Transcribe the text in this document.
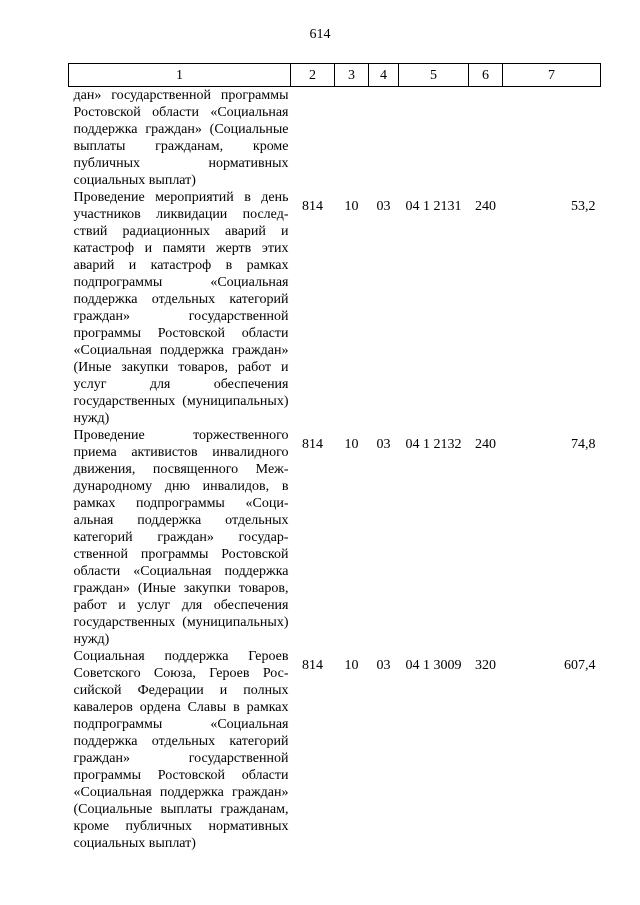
614
1	2	3	4	5	6	7
дан» государственной программы Ростовской области «Социальная поддержка граждан» (Социальные выплаты гражданам, кроме публичных нормативных социальных выплат)						
Проведение мероприятий в день участников ликвидации последствий радиационных аварий и катастроф и памяти жертв этих аварий и катастроф в рамках подпрограммы «Социальная поддержка отдельных категорий граждан» государственной программы Ростовской области «Социальная поддержка граждан» (Иные закупки товаров, работ и услуг для обеспечения государственных (муниципальных) нужд)	814	10	03	04 1 2131	240	53,2
Проведение торжественного приема активистов инвалидного движения, посвященного Международному дню инвалидов, в рамках подпрограммы «Социальная поддержка отдельных категорий граждан» государственной программы Ростовской области «Социальная поддержка граждан» (Иные закупки товаров, работ и услуг для обеспечения государственных (муниципальных) нужд)	814	10	03	04 1 2132	240	74,8
Социальная поддержка Героев Советского Союза, Героев Российской Федерации и полных кавалеров ордена Славы в рамках подпрограммы «Социальная поддержка отдельных категорий граждан» государственной программы Ростовской области «Социальная поддержка граждан» (Социальные выплаты гражданам, кроме публичных нормативных социальных выплат)	814	10	03	04 1 3009	320	607,4
